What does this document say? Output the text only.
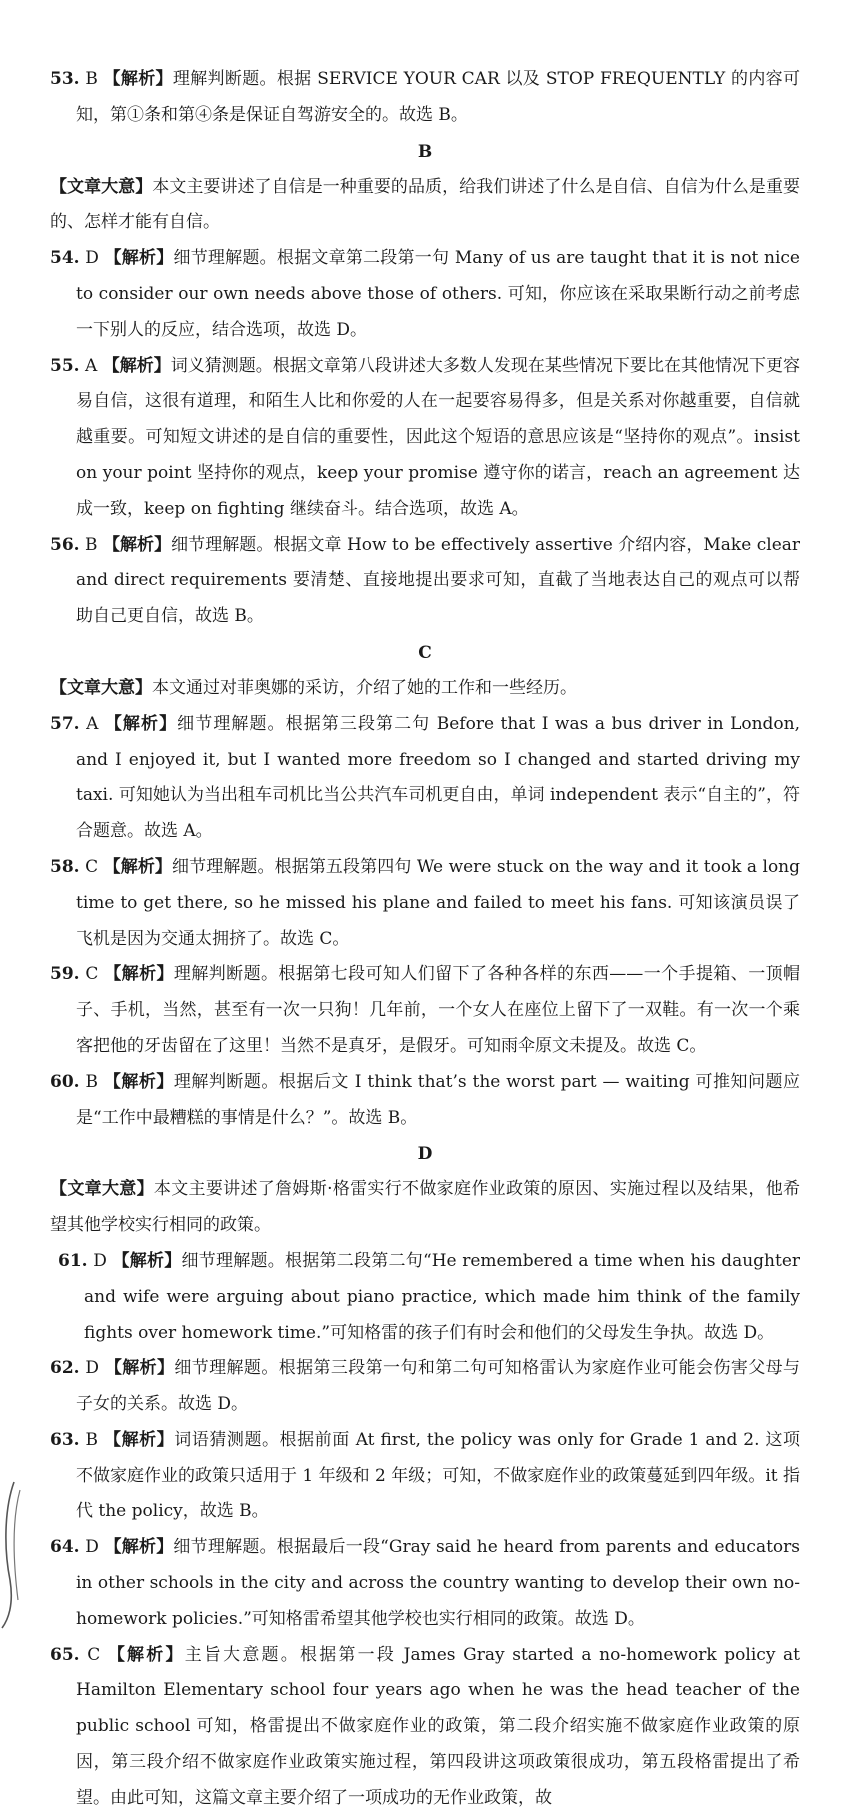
53. B 【解析】理解判断题。根据 SERVICE YOUR CAR 以及 STOP FREQUENTLY 的内容可知，第①条和第④条是保证自驾游安全的。故选 B。

B

【文章大意】本文主要讲述了自信是一种重要的品质，给我们讲述了什么是自信、自信为什么是重要的、怎样才能有自信。

54. D 【解析】细节理解题。根据文章第二段第一句 Many of us are taught that it is not nice to consider our own needs above those of others. 可知，你应该在采取果断行动之前考虑一下别人的反应，结合选项，故选 D。

55. A 【解析】词义猜测题。根据文章第八段讲述大多数人发现在某些情况下要比在其他情况下更容易自信，这很有道理，和陌生人比和你爱的人在一起要容易得多，但是关系对你越重要，自信就越重要。可知短文讲述的是自信的重要性，因此这个短语的意思应该是“坚持你的观点”。insist on your point 坚持你的观点，keep your promise 遵守你的诺言，reach an agreement 达成一致，keep on fighting 继续奋斗。结合选项，故选 A。

56. B 【解析】细节理解题。根据文章 How to be effectively assertive 介绍内容，Make clear and direct requirements 要清楚、直接地提出要求可知，直截了当地表达自己的观点可以帮助自己更自信，故选 B。

C

【文章大意】本文通过对菲奥娜的采访，介绍了她的工作和一些经历。

57. A 【解析】细节理解题。根据第三段第二句 Before that I was a bus driver in London, and I enjoyed it, but I wanted more freedom so I changed and started driving my taxi. 可知她认为当出租车司机比当公共汽车司机更自由，单词 independent 表示“自主的”，符合题意。故选 A。

58. C 【解析】细节理解题。根据第五段第四句 We were stuck on the way and it took a long time to get there, so he missed his plane and failed to meet his fans. 可知该演员误了飞机是因为交通太拥挤了。故选 C。

59. C 【解析】理解判断题。根据第七段可知人们留下了各种各样的东西——一个手提箱、一顶帽子、手机，当然，甚至有一次一只狗！几年前，一个女人在座位上留下了一双鞋。有一次一个乘客把他的牙齿留在了这里！当然不是真牙，是假牙。可知雨伞原文未提及。故选 C。

60. B 【解析】理解判断题。根据后文 I think that’s the worst part — waiting 可推知问题应是“工作中最糟糕的事情是什么？”。故选 B。

D

【文章大意】本文主要讲述了詹姆斯·格雷实行不做家庭作业政策的原因、实施过程以及结果，他希望其他学校实行相同的政策。

61. D 【解析】细节理解题。根据第二段第二句“He remembered a time when his daughter and wife were arguing about piano practice, which made him think of the family fights over homework time.”可知格雷的孩子们有时会和他们的父母发生争执。故选 D。

62. D 【解析】细节理解题。根据第三段第一句和第二句可知格雷认为家庭作业可能会伤害父母与子女的关系。故选 D。

63. B 【解析】词语猜测题。根据前面 At first, the policy was only for Grade 1 and 2. 这项不做家庭作业的政策只适用于 1 年级和 2 年级；可知，不做家庭作业的政策蔓延到四年级。it 指代 the policy，故选 B。

64. D 【解析】细节理解题。根据最后一段“Gray said he heard from parents and educators in other schools in the city and across the country wanting to develop their own no-homework policies.”可知格雷希望其他学校也实行相同的政策。故选 D。

65. C 【解析】主旨大意题。根据第一段 James Gray started a no-homework policy at Hamilton Elementary school four years ago when he was the head teacher of the public school 可知，格雷提出不做家庭作业的政策，第二段介绍实施不做家庭作业政策的原因，第三段介绍不做家庭作业政策实施过程，第四段讲这项政策很成功，第五段格雷提出了希望。由此可知，这篇文章主要介绍了一项成功的无作业政策，故
